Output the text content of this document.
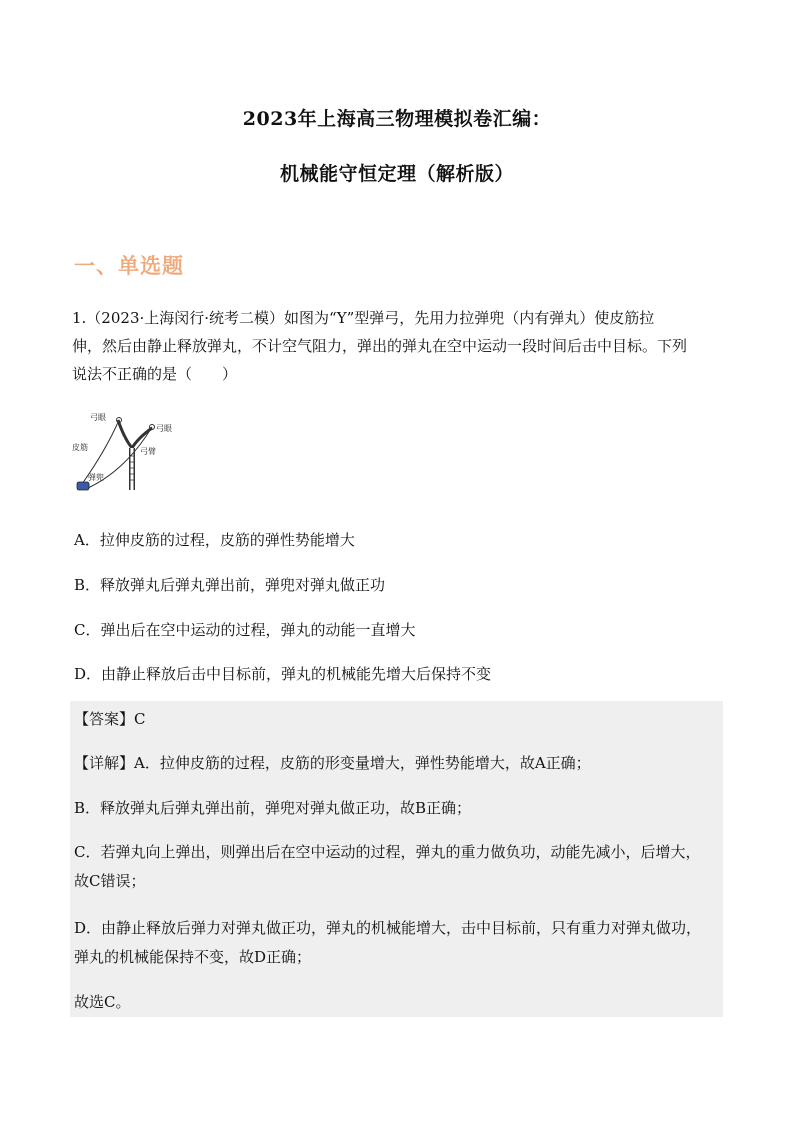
2023年上海高三物理模拟卷汇编：
机械能守恒定理（解析版）
一、单选题
1.（2023·上海闵行·统考二模）如图为“Y”型弹弓，先用力拉弹兜（内有弹丸）使皮筋拉
伸，然后由静止释放弹丸，不计空气阻力，弹出的弹丸在空中运动一段时间后击中目标。下列
说法不正确的是（　　）
弓眼
弓眼
皮筋	弓臂
弹兜
A．拉伸皮筋的过程，皮筋的弹性势能增大
B．释放弹丸后弹丸弹出前，弹兜对弹丸做正功
C．弹出后在空中运动的过程，弹丸的动能一直增大
D．由静止释放后击中目标前，弹丸的机械能先增大后保持不变
【答案】C
【详解】A．拉伸皮筋的过程，皮筋的形变量增大，弹性势能增大，故A正确；
B．释放弹丸后弹丸弹出前，弹兜对弹丸做正功，故B正确；
C．若弹丸向上弹出，则弹出后在空中运动的过程，弹丸的重力做负功，动能先减小，后增大，
故C错误；
D．由静止释放后弹力对弹丸做正功，弹丸的机械能增大，击中目标前，只有重力对弹丸做功，
弹丸的机械能保持不变，故D正确；
故选C。
